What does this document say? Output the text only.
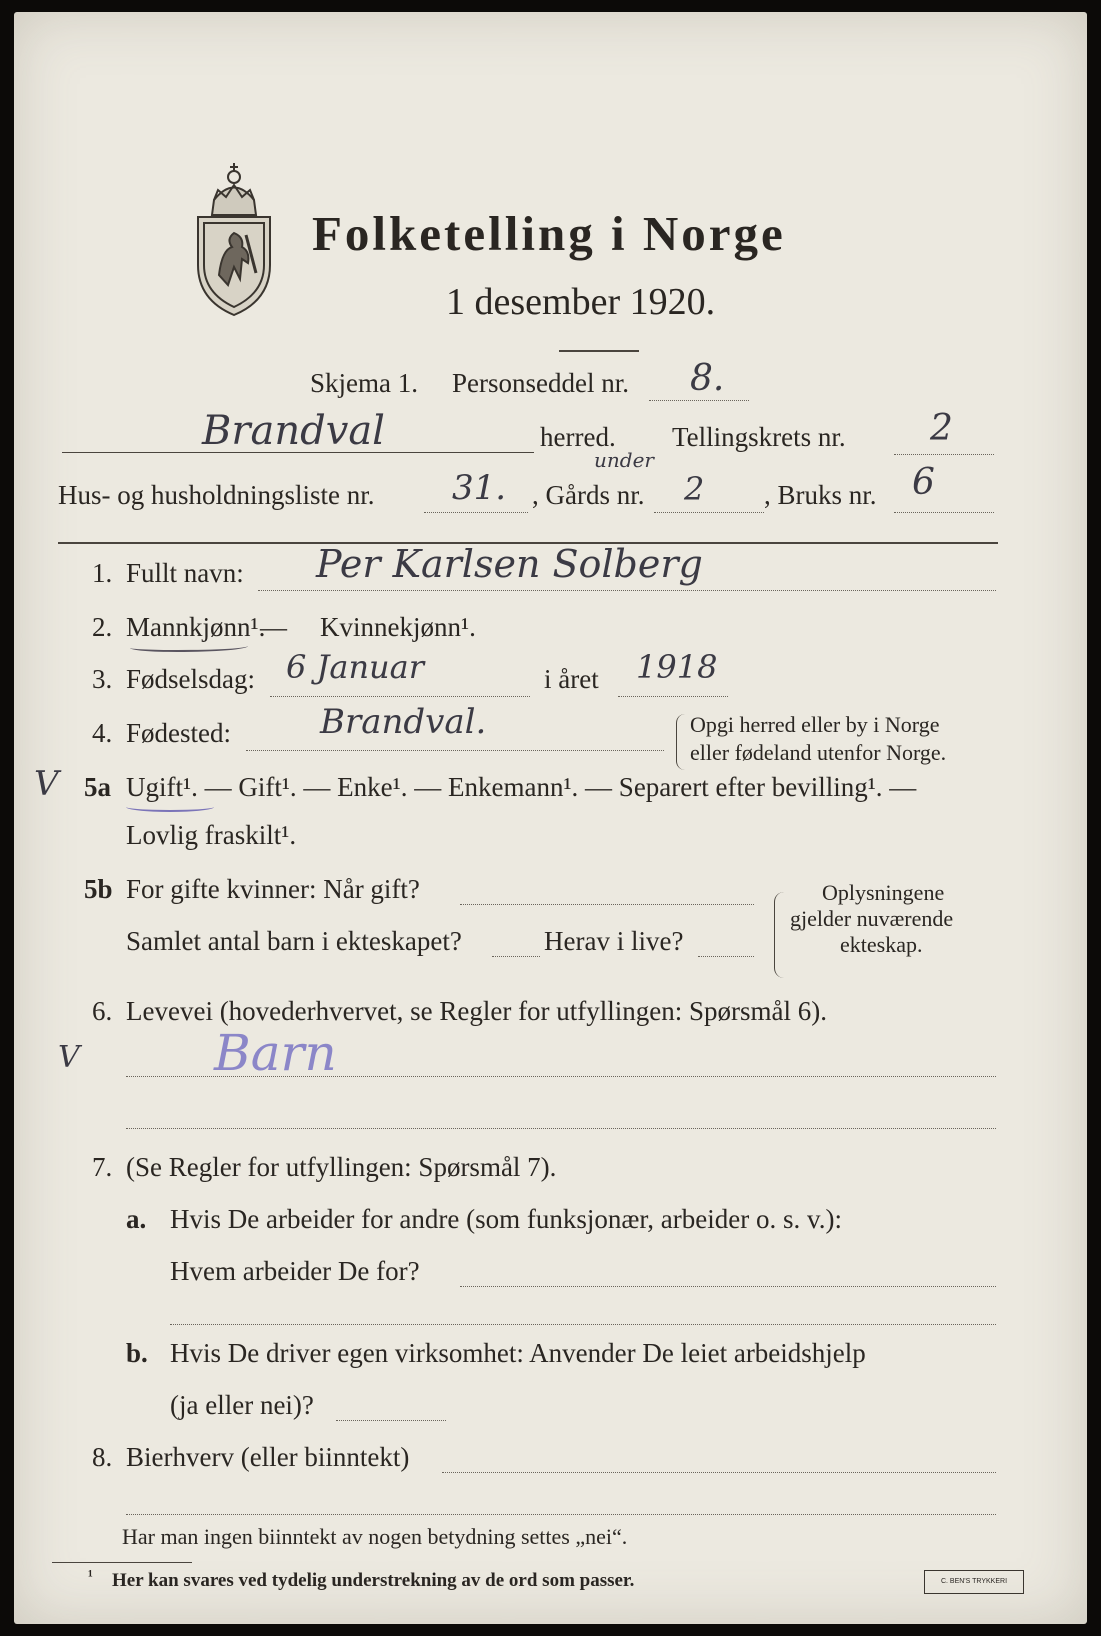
Folketelling i Norge
1 desember 1920.
Skjema 1. Personseddel nr. 8.
Brandval	herred. Tellingskrets nr. 2
Hus- og husholdningsliste nr. 31. , Gårds nr.
under
2 , Bruks nr. 6
1. Fullt navn: Per Karlsen Solberg
2. Mannkjønn¹.
— Kvinnekjønn¹.
3. Fødselsdag: 6 Januar	i året 1918
4. Fødested:	Brandval.	Opgi herred eller by i Norge
eller fødeland utenfor Norge.
V 5a Ugift¹. — Gift¹. — Enke¹. — Enkemann¹. — Separert efter bevilling¹. —
Lovlig fraskilt¹.
5b For gifte kvinner: Når gift?
Samlet antal barn i ekteskapet?	Herav i live?
Oplysningene
gjelder nuværende
ekteskap.
6. Levevei (hovederhvervet, se Regler for utfyllingen: Spørsmål 6).
V	Barn
7. (Se Regler for utfyllingen: Spørsmål 7).
a. Hvis De arbeider for andre (som funksjonær, arbeider o. s. v.):
Hvem arbeider De for?
b. Hvis De driver egen virksomhet: Anvender De leiet arbeidshjelp
(ja eller nei)?
8. Bierhverv (eller biinntekt)
Har man ingen biinntekt av nogen betydning settes „nei“.
¹ Her kan svares ved tydelig understrekning av de ord som passer.	C. BEN'S TRYKKERI
